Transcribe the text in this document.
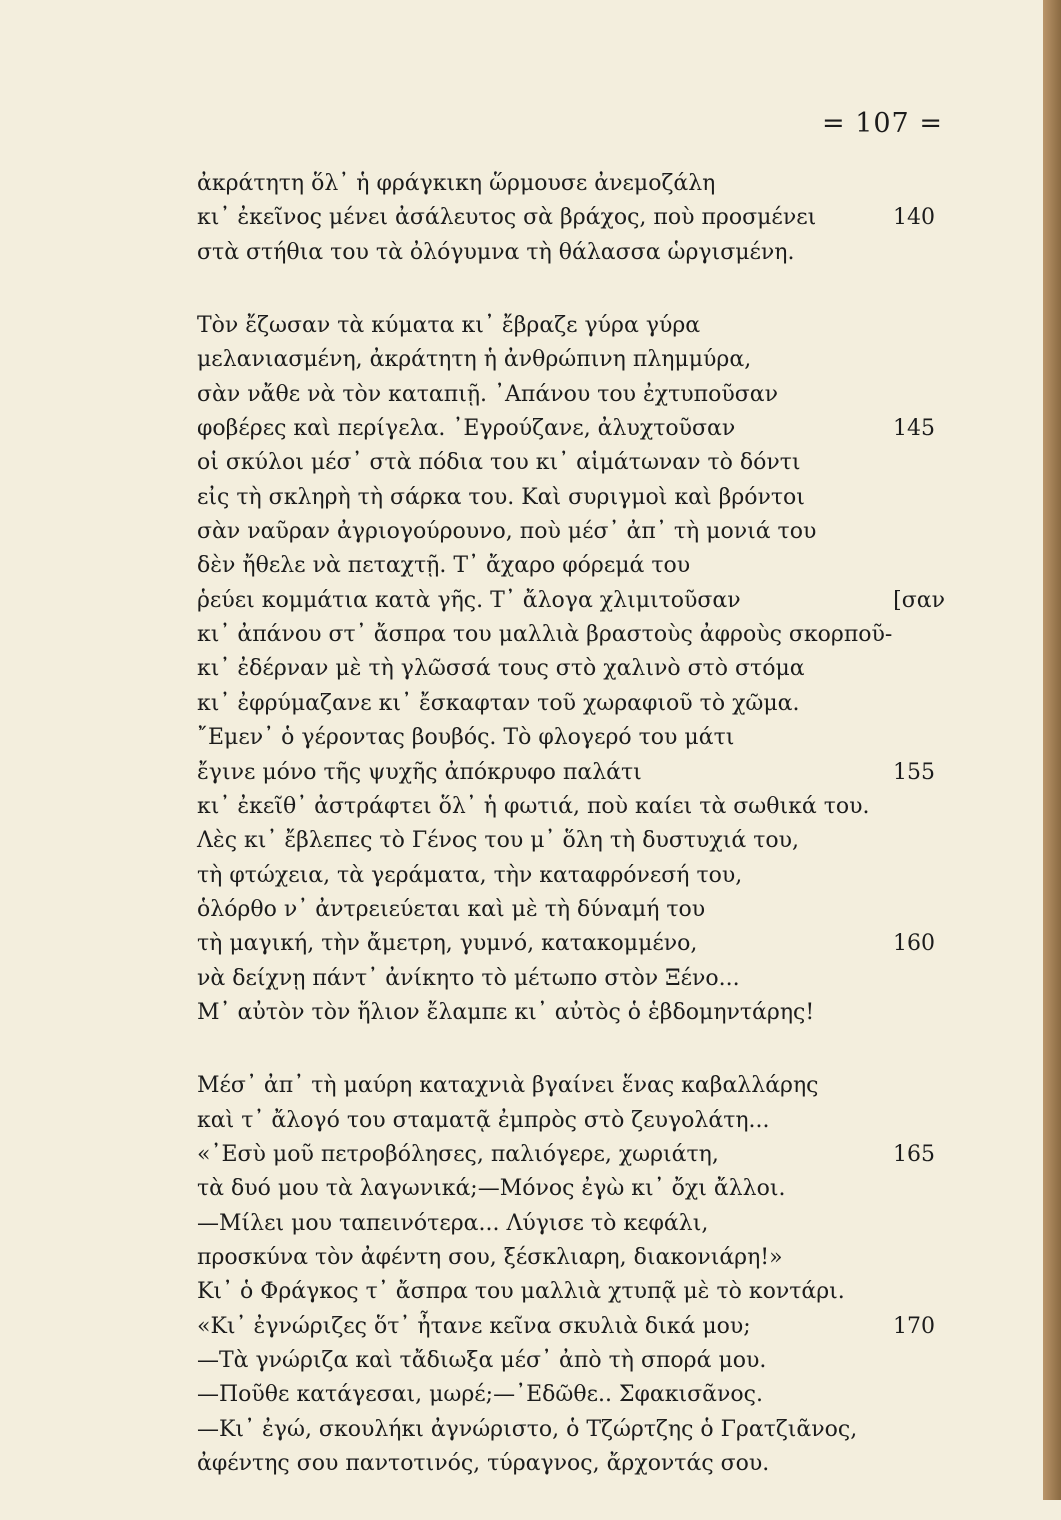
= 107 =
ἀκράτητη ὅλ᾽ ἡ φράγκικη ὥρμουσε ἀνεμοζάλη
κι᾽ ἐκεῖνος μένει ἀσάλευτος σὰ βράχος, ποὺ προσμένει	140
στὰ στήθια του τὰ ὀλόγυμνα τὴ θάλασσα ὡργισμένη.
Τὸν ἔζωσαν τὰ κύματα κι᾽ ἔβραζε γύρα γύρα
μελανιασμένη, ἀκράτητη ἡ ἀνθρώπινη πλημμύρα,
σὰν νἄθε νὰ τὸν καταπιῇ. ᾽Απάνου του ἐχτυποῦσαν
φοβέρες καὶ περίγελα. ᾽Εγρούζανε, ἀλυχτοῦσαν	145
οἱ σκύλοι μέσ᾽ στὰ πόδια του κι᾽ αἱμάτωναν τὸ δόντι
εἰς τὴ σκληρὴ τὴ σάρκα του. Καὶ συριγμοὶ καὶ βρόντοι
σὰν ναῦραν ἀγριογούρουνο, ποὺ μέσ᾽ ἀπ᾽ τὴ μονιά του
δὲν ἤθελε νὰ πεταχτῇ. Τ᾽ ἄχαρο φόρεμά του
ῥεύει κομμάτια κατὰ γῆς. Τ᾽ ἄλογα χλιμιτοῦσαν	[σαν
κι᾽ ἀπάνου στ᾽ ἄσπρα του μαλλιὰ βραστοὺς ἀφροὺς σκορποῦ-
κι᾽ ἐδέρναν μὲ τὴ γλῶσσά τους στὸ χαλινὸ στὸ στόμα
κι᾽ ἐφρύμαζανε κι᾽ ἔσκαφταν τοῦ χωραφιοῦ τὸ χῶμα.
῎Εμεν᾽ ὁ γέροντας βουβός. Τὸ φλογερό του μάτι
ἔγινε μόνο τῆς ψυχῆς ἀπόκρυφο παλάτι	155
κι᾽ ἐκεῖθ᾽ ἀστράφτει ὅλ᾽ ἡ φωτιά, ποὺ καίει τὰ σωθικά του.
Λὲς κι᾽ ἔβλεπες τὸ Γένος του μ᾽ ὅλη τὴ δυστυχιά του,
τὴ φτώχεια, τὰ γεράματα, τὴν καταφρόνεσή του,
ὁλόρθο ν᾽ ἀντρειεύεται καὶ μὲ τὴ δύναμή του
τὴ μαγική, τὴν ἄμετρη, γυμνό, κατακομμένο,	160
νὰ δείχνῃ πάντ᾽ ἀνίκητο τὸ μέτωπο στὸν Ξένο...
Μ᾽ αὐτὸν τὸν ἥλιον ἔλαμπε κι᾽ αὐτὸς ὁ ἑβδομηντάρης!
Μέσ᾽ ἀπ᾽ τὴ μαύρη καταχνιὰ βγαίνει ἕνας καβαλλάρης
καὶ τ᾽ ἄλογό του σταματᾷ ἐμπρὸς στὸ ζευγολάτη...
«᾽Εσὺ μοῦ πετροβόλησες, παλιόγερε, χωριάτη,	165
τὰ δυό μου τὰ λαγωνικά;—Μόνος ἐγὼ κι᾽ ὄχι ἄλλοι.
—Μίλει μου ταπεινότερα... Λύγισε τὸ κεφάλι,
προσκύνα τὸν ἀφέντη σου, ξέσκλιαρη, διακονιάρη!»
Κι᾽ ὁ Φράγκος τ᾽ ἄσπρα του μαλλιὰ χτυπᾷ μὲ τὸ κοντάρι.
«Κι᾽ ἐγνώριζες ὅτ᾽ ἦτανε κεῖνα σκυλιὰ δικά μου;	170
—Τὰ γνώριζα καὶ τἄδιωξα μέσ᾽ ἀπὸ τὴ σπορά μου.
—Ποῦθε κατάγεσαι, μωρέ;—᾽Εδῶθε.. Σφακισᾶνος.
—Κι᾽ ἐγώ, σκουλήκι ἀγνώριστο, ὁ Τζώρτζης ὁ Γρατζιᾶνος,
ἀφέντης σου παντοτινός, τύραγνος, ἄρχοντάς σου.
